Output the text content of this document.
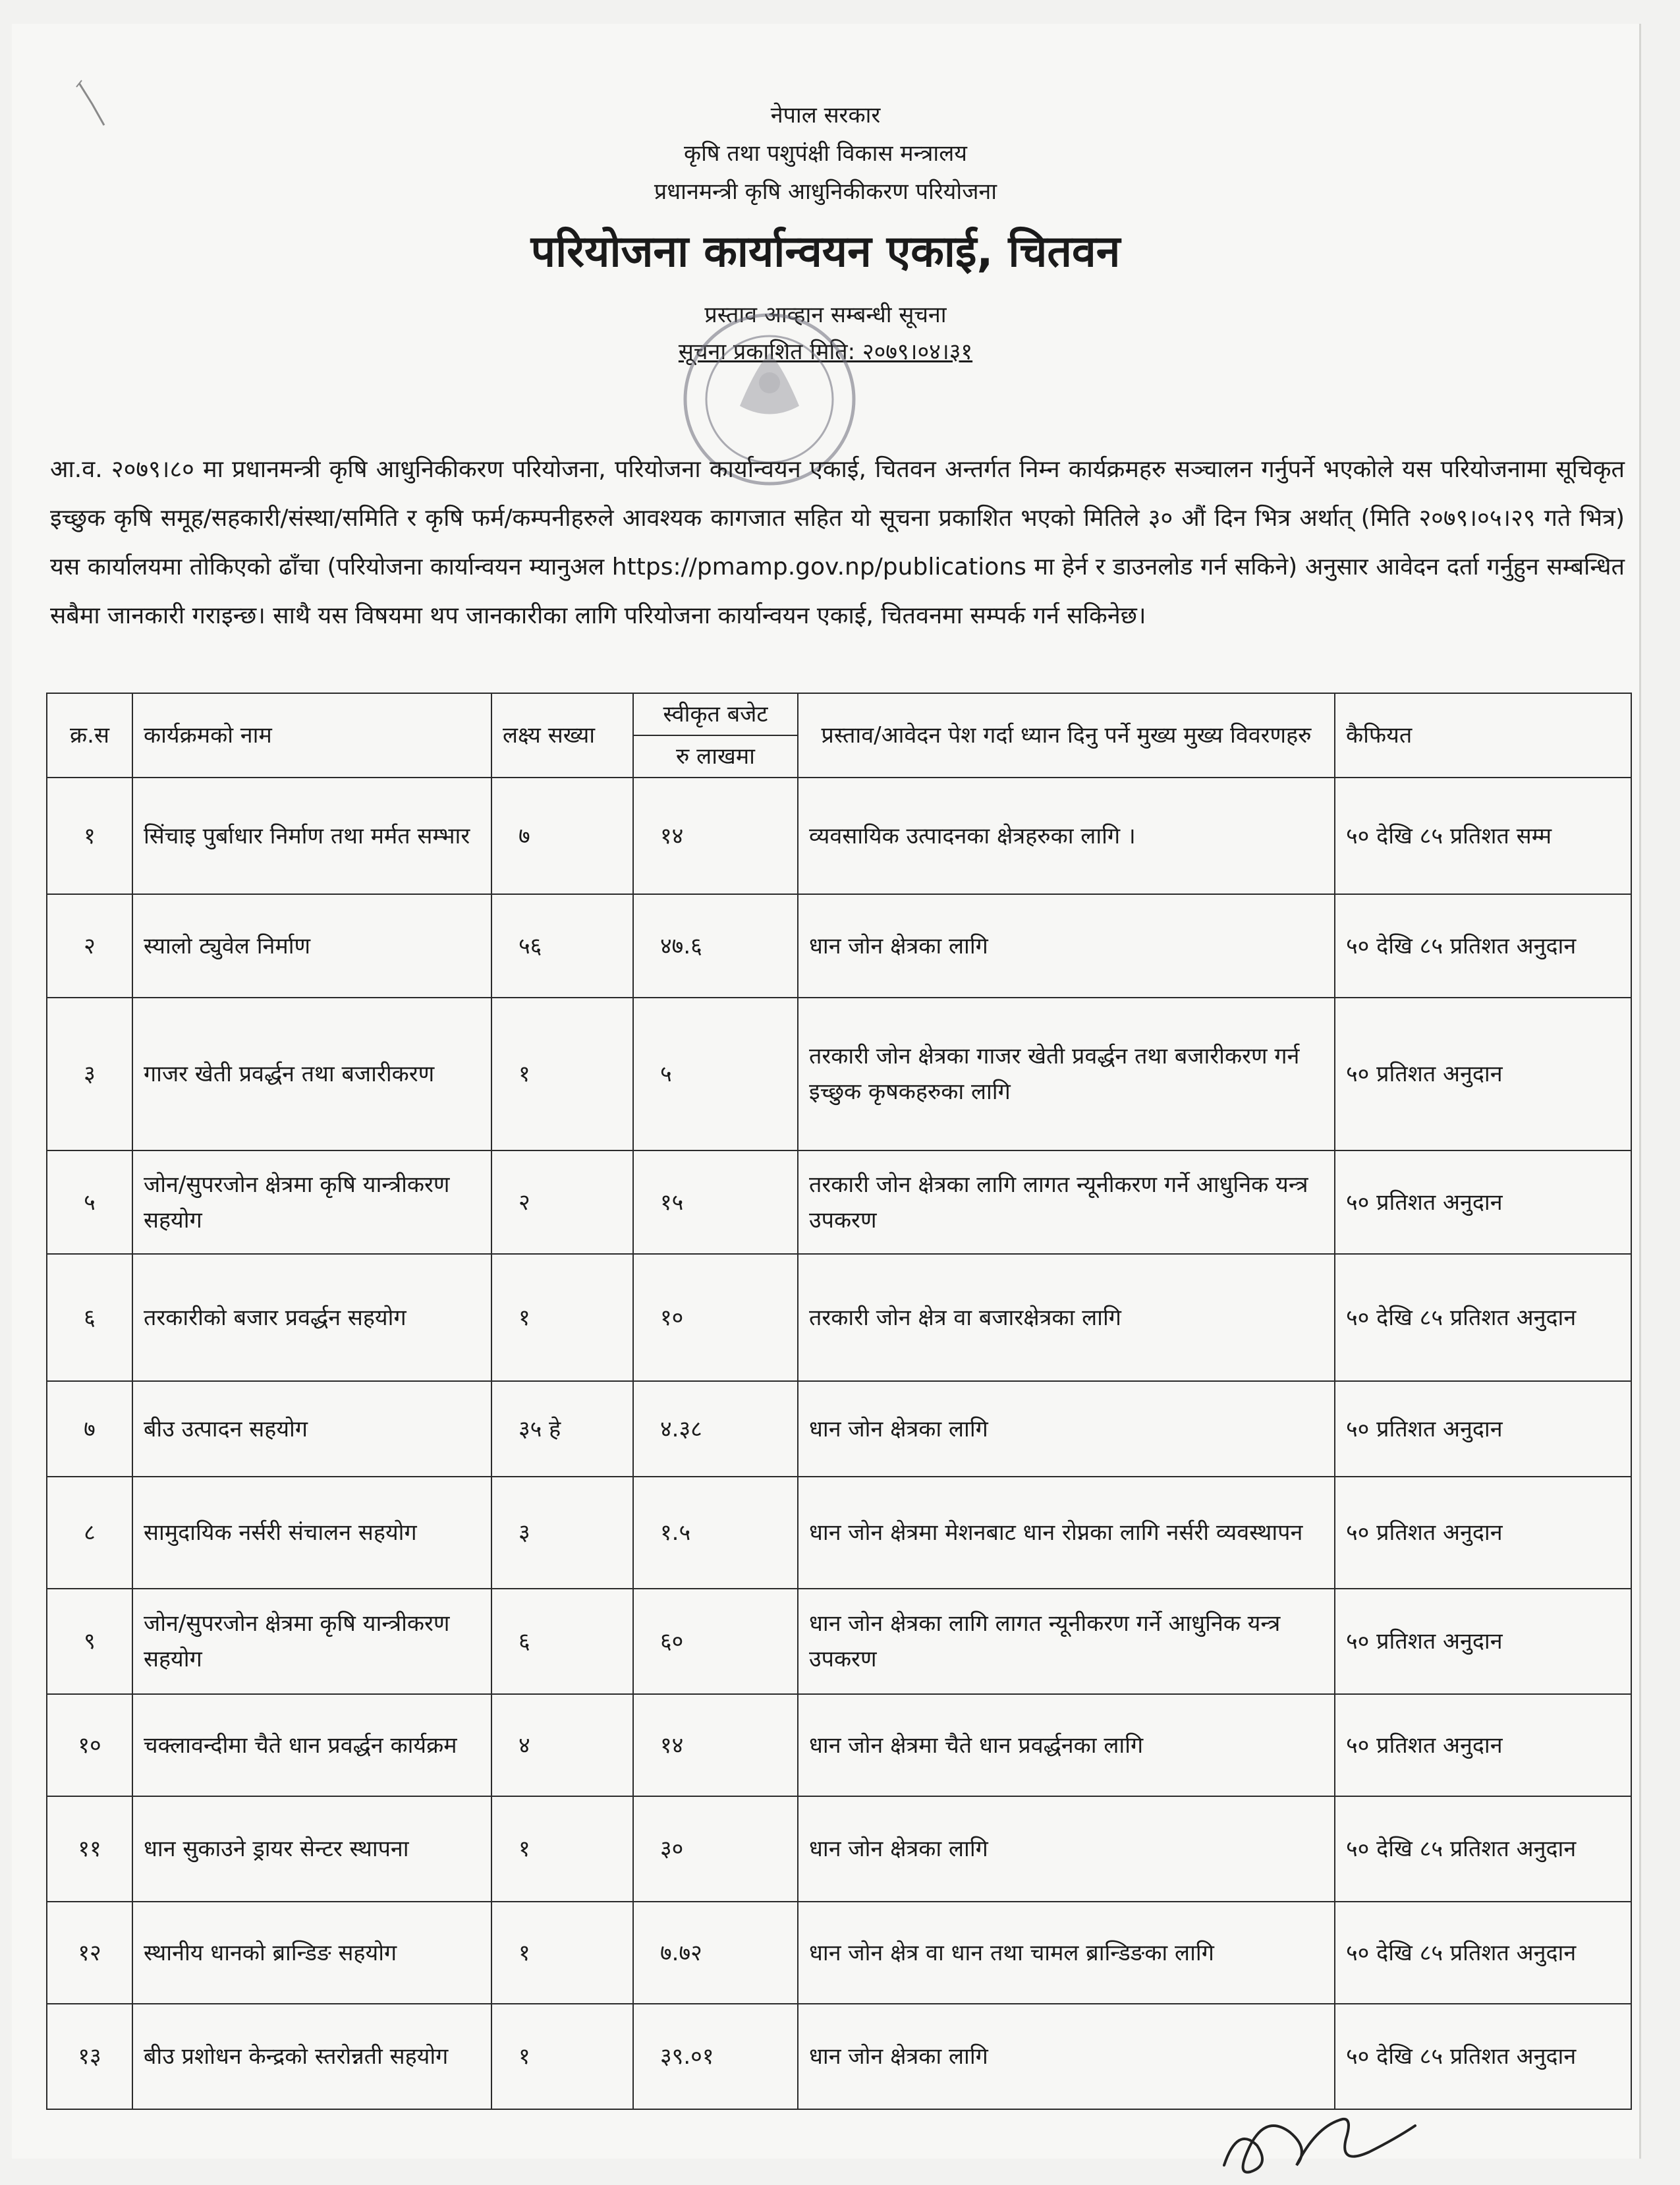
नेपाल सरकार
कृषि तथा पशुपंक्षी विकास मन्त्रालय
प्रधानमन्त्री कृषि आधुनिकीकरण परियोजना
परियोजना कार्यान्वयन एकाई, चितवन
प्रस्ताव आव्हान सम्बन्धी सूचना
सूचना प्रकाशित मिति: २०७९।०४।३१
आ.व. २०७९।८० मा प्रधानमन्त्री कृषि आधुनिकीकरण परियोजना, परियोजना कार्यान्वयन एकाई, चितवन अन्तर्गत निम्न कार्यक्रमहरु सञ्चालन गर्नुपर्ने भएकोले यस परियोजनामा सूचिकृत इच्छुक कृषि समूह/सहकारी/संस्था/समिति र कृषि फर्म/कम्पनीहरुले आवश्यक कागजात सहित यो सूचना प्रकाशित भएको मितिले ३० औं दिन भित्र अर्थात् (मिति २०७९।०५।२९ गते भित्र) यस कार्यालयमा तोकिएको ढाँचा (परियोजना कार्यान्वयन म्यानुअल https://pmamp.gov.np/publications मा हेर्न र डाउनलोड गर्न सकिने) अनुसार आवेदन दर्ता गर्नुहुन सम्बन्धित सबैमा जानकारी गराइन्छ। साथै यस विषयमा थप जानकारीका लागि परियोजना कार्यान्वयन एकाई, चितवनमा सम्पर्क गर्न सकिनेछ।
क्र.स	कार्यक्रमको नाम	लक्ष्य सख्या	स्वीकृत बजेट	प्रस्ताव/आवेदन पेश गर्दा ध्यान दिनु पर्ने मुख्य मुख्य विवरणहरु	कैफियत
			रु लाखमा		
१	सिंचाइ पुर्बाधार निर्माण तथा मर्मत सम्भार	७	१४	व्यवसायिक उत्पादनका क्षेत्रहरुका लागि ।	५० देखि ८५ प्रतिशत सम्म
२	स्यालो ट्युवेल निर्माण	५६	४७.६	धान जोन क्षेत्रका लागि	५० देखि ८५ प्रतिशत अनुदान
३	गाजर खेती प्रवर्द्धन तथा बजारीकरण	१	५	तरकारी जोन क्षेत्रका गाजर खेती प्रवर्द्धन तथा बजारीकरण गर्न इच्छुक कृषकहरुका लागि	५० प्रतिशत अनुदान
५	जोन/सुपरजोन क्षेत्रमा कृषि यान्त्रीकरण सहयोग	२	१५	तरकारी जोन क्षेत्रका लागि लागत न्यूनीकरण गर्ने आधुनिक यन्त्र उपकरण	५० प्रतिशत अनुदान
६	तरकारीको बजार प्रवर्द्धन सहयोग	१	१०	तरकारी जोन क्षेत्र वा बजारक्षेत्रका लागि	५० देखि ८५ प्रतिशत अनुदान
७	बीउ उत्पादन सहयोग	३५ हे	४.३८	धान जोन क्षेत्रका लागि	५० प्रतिशत अनुदान
८	सामुदायिक नर्सरी संचालन सहयोग	३	१.५	धान जोन क्षेत्रमा मेशनबाट धान रोप्नका लागि नर्सरी व्यवस्थापन	५० प्रतिशत अनुदान
९	जोन/सुपरजोन क्षेत्रमा कृषि यान्त्रीकरण सहयोग	६	६०	धान जोन क्षेत्रका लागि लागत न्यूनीकरण गर्ने आधुनिक यन्त्र उपकरण	५० प्रतिशत अनुदान
१०	चक्लावन्दीमा चैते धान प्रवर्द्धन कार्यक्रम	४	१४	धान जोन क्षेत्रमा चैते धान प्रवर्द्धनका लागि	५० प्रतिशत अनुदान
११	धान सुकाउने ड्रायर सेन्टर स्थापना	१	३०	धान जोन क्षेत्रका लागि	५० देखि ८५ प्रतिशत अनुदान
१२	स्थानीय धानको ब्रान्डिङ सहयोग	१	७.७२	धान जोन क्षेत्र वा धान तथा चामल ब्रान्डिङका लागि	५० देखि ८५ प्रतिशत अनुदान
१३	बीउ प्रशोधन केन्द्रको स्तरोन्नती सहयोग	१	३९.०१	धान जोन क्षेत्रका लागि	५० देखि ८५ प्रतिशत अनुदान
